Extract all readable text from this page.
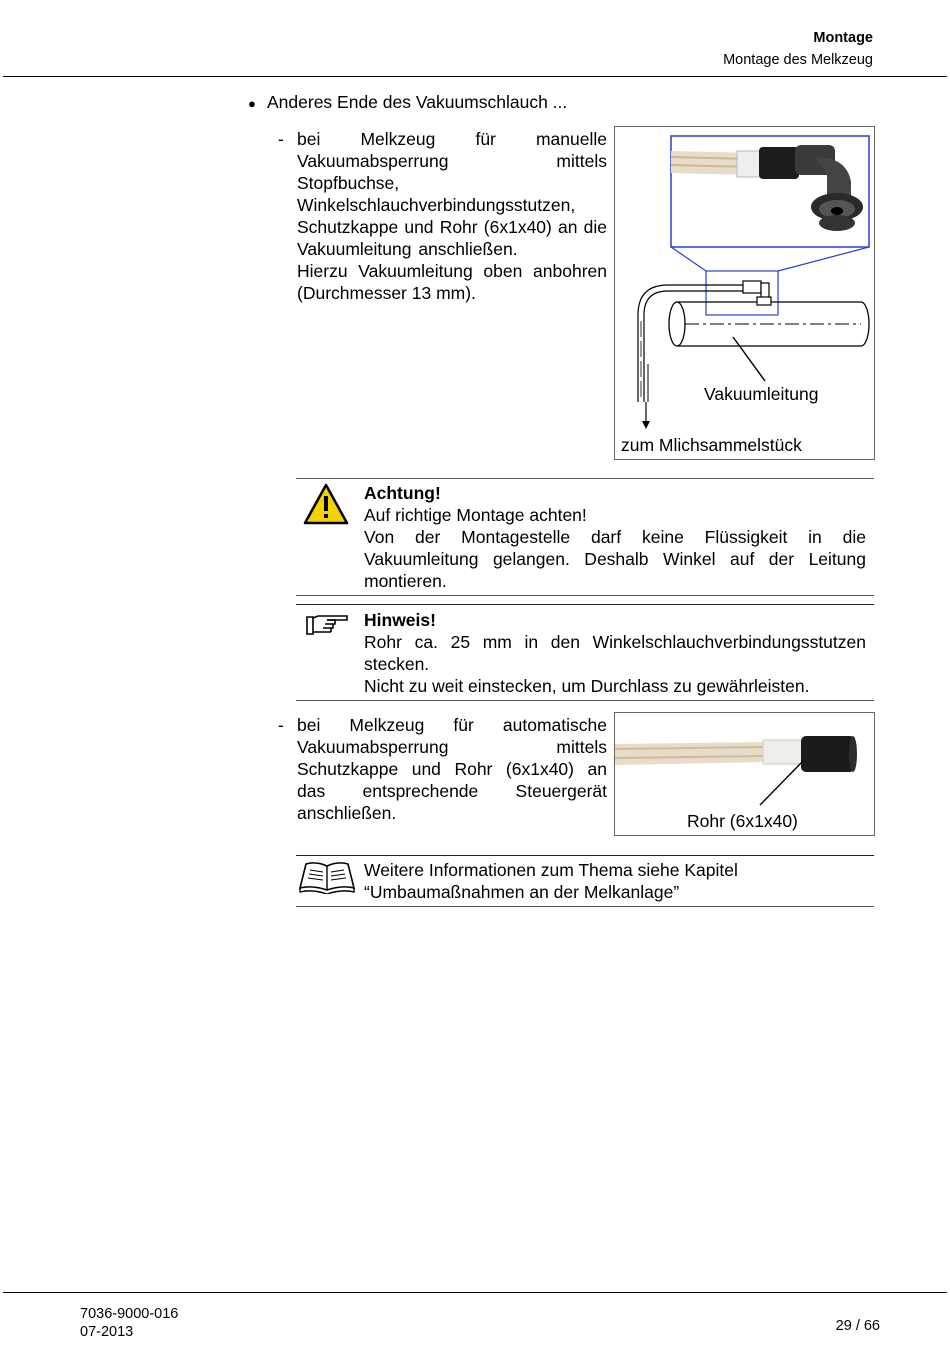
Montage
Montage des Melkzeug
● Anderes Ende des Vakuumschlauch ...
- bei Melkzeug für manuelle
Vakuumabsperrung mittels
Stopfbuchse,
Winkelschlauchverbindungsstutzen,
Schutzkappe und Rohr (6x1x40) an die
Vakuumleitung anschließen.
Hierzu Vakuumleitung oben anbohren
(Durchmesser 13 mm).
Vakuumleitung
zum Mlichsammelstück
Achtung!
Auf richtige Montage achten!
Von der Montagestelle darf keine Flüssigkeit in die Vakuumleitung gelangen. Deshalb Winkel auf der Leitung montieren.
Hinweis!
Rohr ca. 25 mm in den Winkelschlauchverbindungsstutzen stecken.
Nicht zu weit einstecken, um Durchlass zu gewährleisten.
- bei Melkzeug für automatische
Vakuumabsperrung mittels
Schutzkappe und Rohr (6x1x40) an
das entsprechende Steuergerät
anschließen.	Rohr (6x1x40)
Weitere Informationen zum Thema siehe Kapitel
“Umbaumaßnahmen an der Melkanlage”
7036-9000-016
07-2013	29 / 66
